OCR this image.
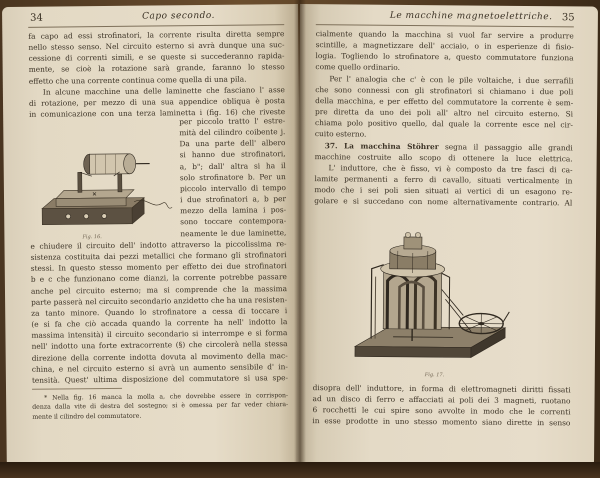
34	Capo secondo.
fa capo ad essi strofinatori, la corrente risulta diretta sempre
nello stesso senso. Nel circuito esterno si avrà dunque una suc-
cessione di correnti simili, e se queste si succederanno rapida-
mente, se cioè la rotazione sarà grande, faranno lo stesso
effetto che una corrente continua come quella di una pila.
In alcune macchine una delle laminette che fasciano l' asse
di rotazione, per mezzo di una sua appendice obliqua è posta
in comunicazione con una terza laminetta i (fig. 16) che riveste
✕
Fig. 16.
per piccolo tratto l' estre-
mità del cilindro coibente j.
Da una parte dell' albero
si hanno due strofinatori,
a, b"; dall' altra si ha il
solo strofinatore b. Per un
piccolo intervallo di tempo
i due strofinatori a, b per
mezzo della lamina i pos-
sono toccare contempora-
neamente le due laminette,
e chiudere il circuito dell' indotto attraverso la piccolissima re-
sistenza costituita dai pezzi metallici che formano gli strofinatori
stessi. In questo stesso momento per effetto dei due strofinatori
b e c che funzionano come dianzi, la corrente potrebbe passare
anche pel circuito esterno; ma si comprende che la massima
parte passerà nel circuito secondario anzidetto che ha una resisten-
za tanto minore. Quando lo strofinatore a cessa di toccare i
(e si fa che ciò accada quando la corrente ha nell' indotto la
massima intensità) il circuito secondario si interrompe e si forma
nell' indotto una forte extracorrente (§) che circolerà nella stessa
direzione della corrente indotta dovuta al movimento della mac-
china, e nel circuito esterno si avrà un aumento sensibile d' in-
tensità. Quest' ultima disposizione del commutatore si usa spe-
* Nella fig. 16 manca la molla a, che dovrebbe essere in corrispon-
denza dalla vite di destra del sostegno; si è omessa per far veder chiara-
mente il cilindro del commutatore.
Le macchine magnetoelettriche. 35
cialmente quando la macchina si vuol far servire a produrre
scintille, a magnetizzare dell' acciaio, o in esperienze di fisio-
logia. Togliendo lo strofinatore a, questo commutatore funziona
come quello ordinario.
Per l' analogia che c' è con le pile voltaiche, i due serrafili
che sono connessi con gli strofinatori si chiamano i due poli
della macchina, e per effetto del commutatore la corrente è sem-
pre diretta da uno dei poli all' altro nel circuito esterno. Si
chiama polo positivo quello, dal quale la corrente esce nel cir-
cuito esterno.
37. La macchina Stöhrer segna il passaggio alle grandi
macchine costruite allo scopo di ottenere la luce elettrica.
L' induttore, che è fisso, vi è composto da tre fasci di ca-
lamite permanenti a ferro di cavallo, situati verticalmente in
modo che i sei poli sien situati ai vertici di un esagono re-
golare e si succedano con nome alternativamente contrario. Al
Fig. 17.
disopra dell' induttore, in forma di elettromagneti diritti fissati
ad un disco di ferro e affacciati ai poli dei 3 magneti, ruotano
6 rocchetti le cui spire sono avvolte in modo che le correnti
in esse prodotte in uno stesso momento siano dirette in senso
